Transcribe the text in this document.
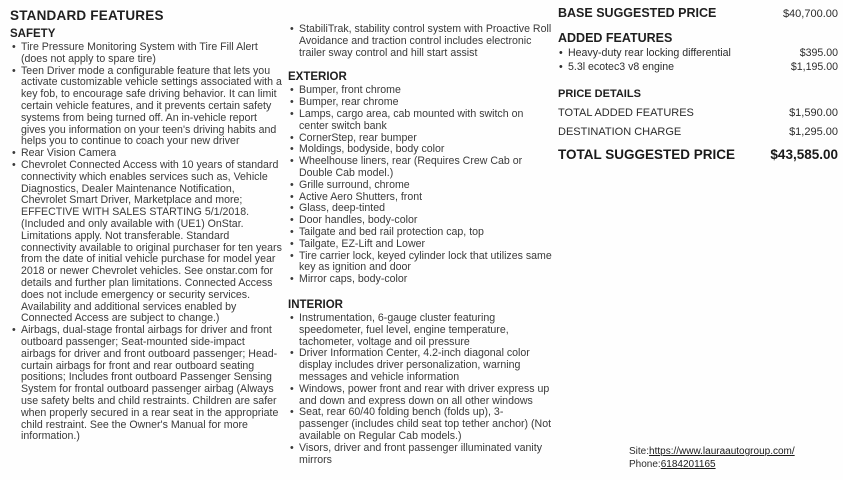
STANDARD FEATURES
SAFETY
• Tire Pressure Monitoring System with Tire Fill Alert (does not apply to spare tire)
• Teen Driver mode a configurable feature that lets you activate customizable vehicle settings associated with a key fob, to encourage safe driving behavior. It can limit certain vehicle features, and it prevents certain safety systems from being turned off. An in-vehicle report gives you information on your teen's driving habits and helps you to continue to coach your new driver
• Rear Vision Camera
• Chevrolet Connected Access with 10 years of standard connectivity which enables services such as, Vehicle Diagnostics, Dealer Maintenance Notification, Chevrolet Smart Driver, Marketplace and more; EFFECTIVE WITH SALES STARTING 5/1/2018. (Included and only available with (UE1) OnStar. Limitations apply. Not transferable. Standard connectivity available to original purchaser for ten years from the date of initial vehicle purchase for model year 2018 or newer Chevrolet vehicles. See onstar.com for details and further plan limitations. Connected Access does not include emergency or security services. Availability and additional services enabled by Connected Access are subject to change.)
• Airbags, dual-stage frontal airbags for driver and front outboard passenger; Seat-mounted side-impact airbags for driver and front outboard passenger; Head-curtain airbags for front and rear outboard seating positions; Includes front outboard Passenger Sensing System for frontal outboard passenger airbag (Always use safety belts and child restraints. Children are safer when properly secured in a rear seat in the appropriate child restraint. See the Owner's Manual for more information.)
• StabiliTrak, stability control system with Proactive Roll Avoidance and traction control includes electronic trailer sway control and hill start assist
EXTERIOR
• Bumper, front chrome
• Bumper, rear chrome
• Lamps, cargo area, cab mounted with switch on center switch bank
• CornerStep, rear bumper
• Moldings, bodyside, body color
• Wheelhouse liners, rear (Requires Crew Cab or Double Cab model.)
• Grille surround, chrome
• Active Aero Shutters, front
• Glass, deep-tinted
• Door handles, body-color
• Tailgate and bed rail protection cap, top
• Tailgate, EZ-Lift and Lower
• Tire carrier lock, keyed cylinder lock that utilizes same key as ignition and door
• Mirror caps, body-color
INTERIOR
• Instrumentation, 6-gauge cluster featuring speedometer, fuel level, engine temperature, tachometer, voltage and oil pressure
• Driver Information Center, 4.2-inch diagonal color display includes driver personalization, warning messages and vehicle information
• Windows, power front and rear with driver express up and down and express down on all other windows
• Seat, rear 60/40 folding bench (folds up), 3-passenger (includes child seat top tether anchor) (Not available on Regular Cab models.)
• Visors, driver and front passenger illuminated vanity mirrors
BASE SUGGESTED PRICE	$40,700.00
ADDED FEATURES
• Heavy-duty rear locking differential	$395.00
• 5.3l ecotec3 v8 engine	$1,195.00
PRICE DETAILS
TOTAL ADDED FEATURES	$1,590.00
DESTINATION CHARGE	$1,295.00
TOTAL SUGGESTED PRICE	$43,585.00
Site:https://www.lauraautogroup.com/
Phone:6184201165
